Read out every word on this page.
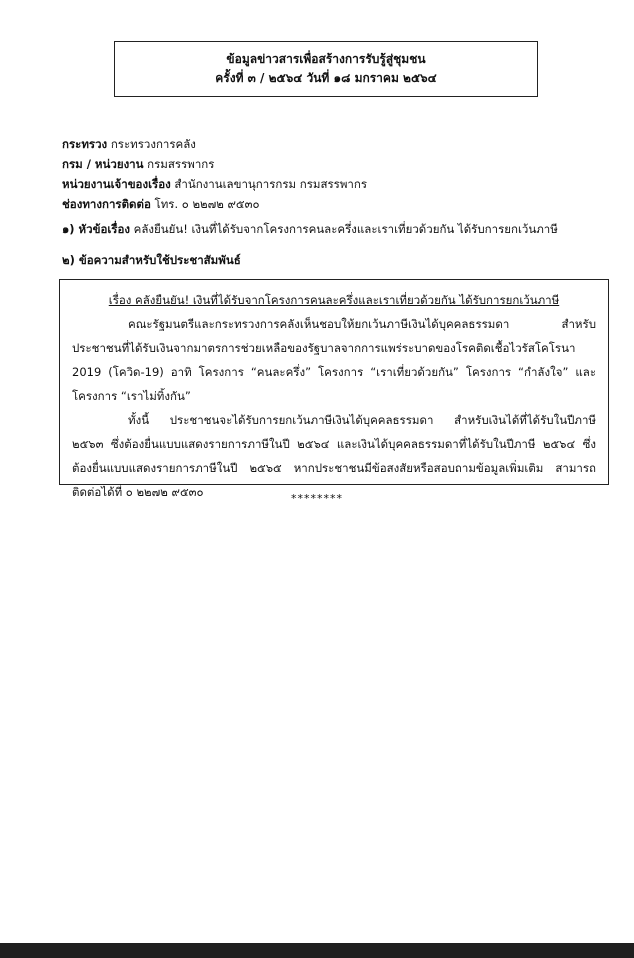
ข้อมูลข่าวสารเพื่อสร้างการรับรู้สู่ชุมชน
ครั้งที่ ๓ / ๒๕๖๔ วันที่ ๑๘ มกราคม ๒๕๖๔
กระทรวง กระทรวงการคลัง
กรม / หน่วยงาน กรมสรรพากร
หน่วยงานเจ้าของเรื่อง สำนักงานเลขานุการกรม กรมสรรพากร
ช่องทางการติดต่อ โทร. ๐ ๒๒๗๒ ๙๕๓๐
๑) หัวข้อเรื่อง คลังยืนยัน! เงินที่ได้รับจากโครงการคนละครึ่งและเราเที่ยวด้วยกัน ได้รับการยกเว้นภาษี
๒) ข้อความสำหรับใช้ประชาสัมพันธ์
เรื่อง คลังยืนยัน! เงินที่ได้รับจากโครงการคนละครึ่งและเราเที่ยวด้วยกัน ได้รับการยกเว้นภาษี
คณะรัฐมนตรีและกระทรวงการคลังเห็นชอบให้ยกเว้นภาษีเงินได้บุคคลธรรมดา สำหรับประชาชนที่ได้รับเงินจากมาตรการช่วยเหลือของรัฐบาลจากการแพร่ระบาดของโรคติดเชื้อไวรัสโคโรนา 2019 (โควิด-19) อาทิ โครงการ “คนละครึ่ง” โครงการ “เราเที่ยวด้วยกัน” โครงการ “กำลังใจ” และโครงการ “เราไม่ทิ้งกัน”
ทั้งนี้ ประชาชนจะได้รับการยกเว้นภาษีเงินได้บุคคลธรรมดา สำหรับเงินได้ที่ได้รับในปีภาษี ๒๕๖๓ ซึ่งต้องยื่นแบบแสดงรายการภาษีในปี ๒๕๖๔ และเงินได้บุคคลธรรมดาที่ได้รับในปีภาษี ๒๕๖๔ ซึ่งต้องยื่นแบบแสดงรายการภาษีในปี ๒๕๖๕ หากประชาชนมีข้อสงสัยหรือสอบถามข้อมูลเพิ่มเติม สามารถติดต่อได้ที่ ๐ ๒๒๗๒ ๙๕๓๐	********
